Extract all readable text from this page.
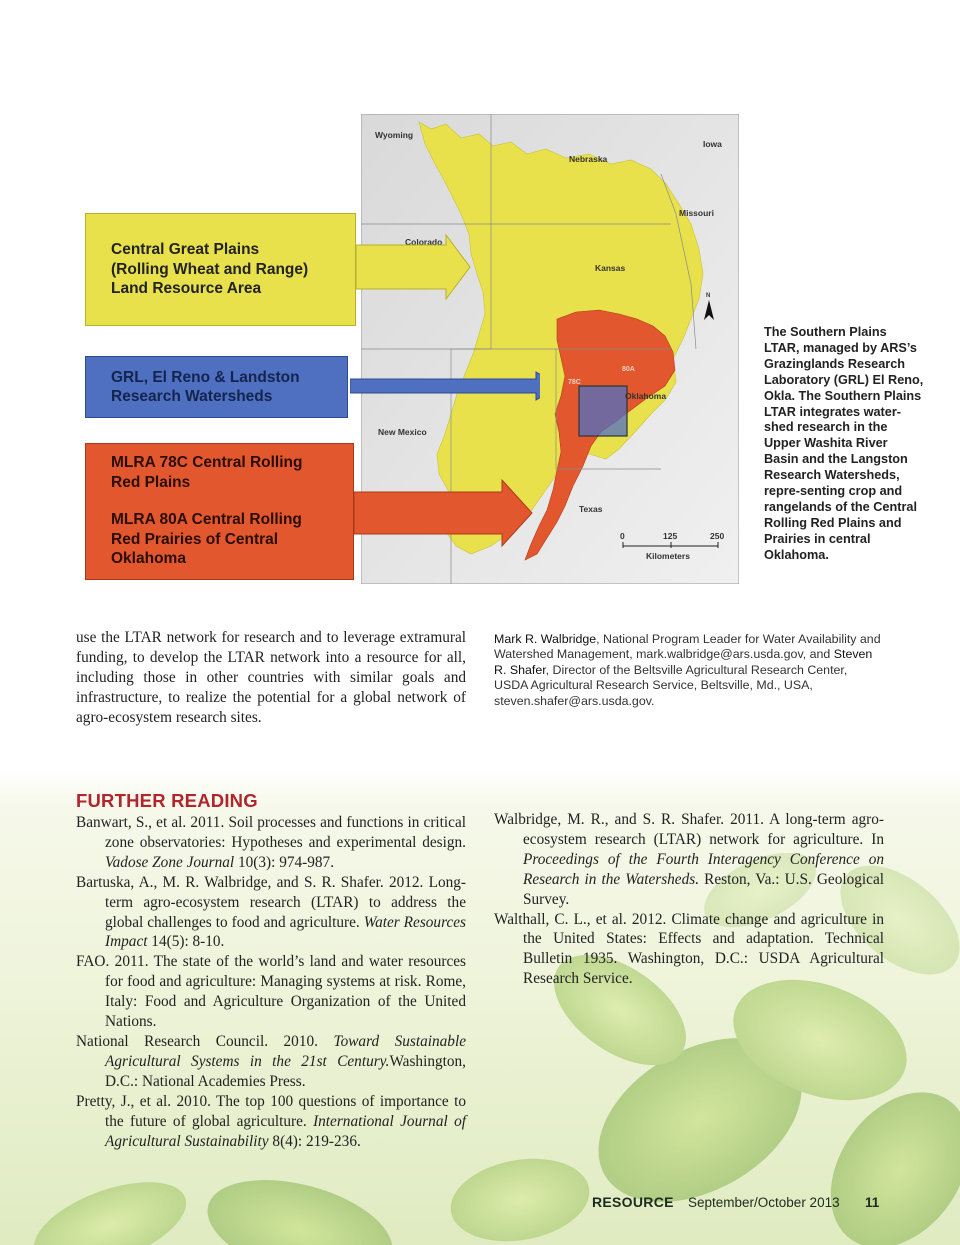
Wyoming
Nebraska
Iowa
Missouri
Colorado
Kansas
New Mexico
Oklahoma
Texas
78C
80A
N
0	125	250
Kilometers
Central Great Plains
(Rolling Wheat and Range)
Land Resource Area
GRL, El Reno & Landston
Research Watersheds
MLRA 78C Central Rolling
Red Plains
MLRA 80A Central Rolling
Red Prairies of Central
Oklahoma
The Southern Plains LTAR, managed by ARS’s Grazinglands Research Laboratory (GRL) El Reno, Okla. The Southern Plains LTAR integrates water-shed research in the Upper Washita River Basin and the Langston Research Watersheds, repre-senting crop and rangelands of the Central Rolling Red Plains and Prairies in central Oklahoma.

use the LTAR network for research and to leverage extramural funding, to develop the LTAR network into a resource for all, including those in other countries with similar goals and infrastructure, to realize the potential for a global network of agro-ecosystem research sites.

Mark R. Walbridge, National Program Leader for Water Availability and Watershed Management, mark.walbridge@ars.usda.gov, and Steven R. Shafer, Director of the Beltsville Agricultural Research Center, USDA Agricultural Research Service, Beltsville, Md., USA, steven.shafer@ars.usda.gov.

FURTHER READING
Banwart, S., et al. 2011. Soil processes and functions in critical zone observatories: Hypotheses and experimental design. Vadose Zone Journal 10(3): 974-987.
Bartuska, A., M. R. Walbridge, and S. R. Shafer. 2012. Long-term agro-ecosystem research (LTAR) to address the global challenges to food and agriculture. Water Resources Impact 14(5): 8-10.
FAO. 2011. The state of the world’s land and water resources for food and agriculture: Managing systems at risk. Rome, Italy: Food and Agriculture Organization of the United Nations.
National Research Council. 2010. Toward Sustainable Agricultural Systems in the 21st Century.Washington, D.C.: National Academies Press.
Pretty, J., et al. 2010. The top 100 questions of importance to the future of global agriculture. International Journal of Agricultural Sustainability 8(4): 219-236.
Walbridge, M. R., and S. R. Shafer. 2011. A long-term agro-ecosystem research (LTAR) network for agriculture. In Proceedings of the Fourth Interagency Conference on Research in the Watersheds. Reston, Va.: U.S. Geological Survey.
Walthall, C. L., et al. 2012. Climate change and agriculture in the United States: Effects and adaptation. Technical Bulletin 1935. Washington, D.C.: USDA Agricultural Research Service.
RESOURCE September/October 2013 11
